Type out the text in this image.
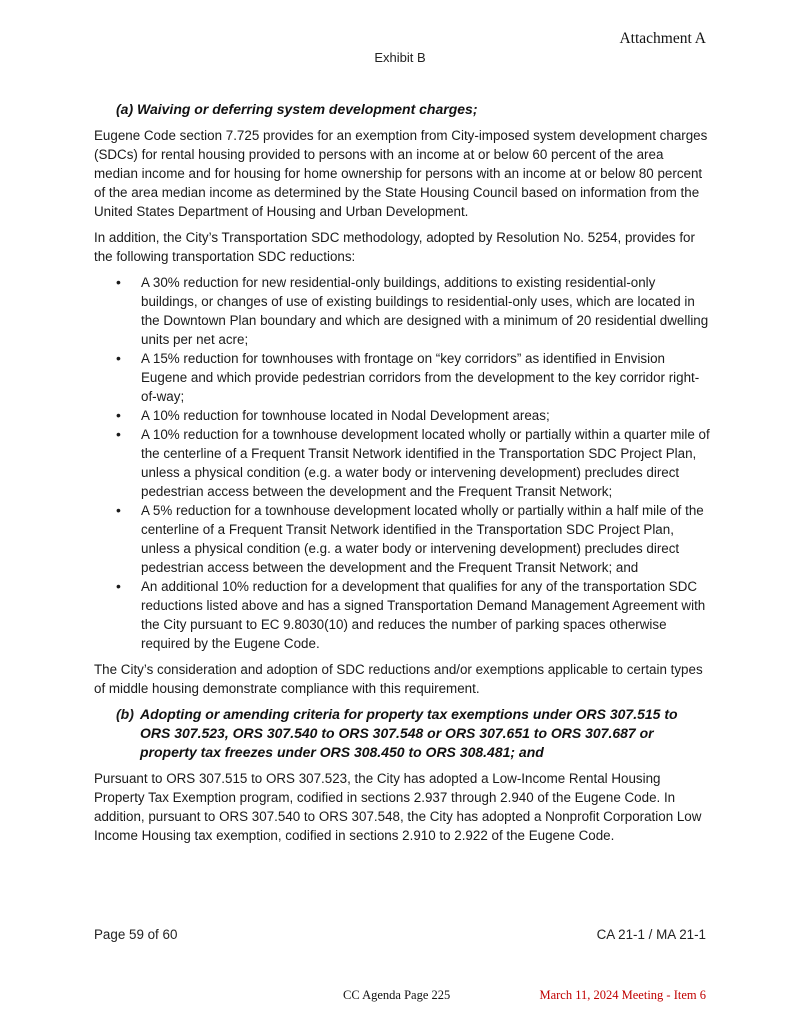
Attachment A
Exhibit B
(a) Waiving or deferring system development charges;

Eugene Code section 7.725 provides for an exemption from City-imposed system development charges (SDCs) for rental housing provided to persons with an income at or below 60 percent of the area median income and for housing for home ownership for persons with an income at or below 80 percent of the area median income as determined by the State Housing Council based on information from the United States Department of Housing and Urban Development.

In addition, the City’s Transportation SDC methodology, adopted by Resolution No. 5254, provides for the following transportation SDC reductions:

• A 30% reduction for new residential-only buildings, additions to existing residential-only buildings, or changes of use of existing buildings to residential-only uses, which are located in the Downtown Plan boundary and which are designed with a minimum of 20 residential dwelling units per net acre;
• A 15% reduction for townhouses with frontage on “key corridors” as identified in Envision Eugene and which provide pedestrian corridors from the development to the key corridor right-of-way;
• A 10% reduction for townhouse located in Nodal Development areas;
• A 10% reduction for a townhouse development located wholly or partially within a quarter mile of the centerline of a Frequent Transit Network identified in the Transportation SDC Project Plan, unless a physical condition (e.g. a water body or intervening development) precludes direct pedestrian access between the development and the Frequent Transit Network;
• A 5% reduction for a townhouse development located wholly or partially within a half mile of the centerline of a Frequent Transit Network identified in the Transportation SDC Project Plan, unless a physical condition (e.g. a water body or intervening development) precludes direct pedestrian access between the development and the Frequent Transit Network; and
• An additional 10% reduction for a development that qualifies for any of the transportation SDC reductions listed above and has a signed Transportation Demand Management Agreement with the City pursuant to EC 9.8030(10) and reduces the number of parking spaces otherwise required by the Eugene Code.

The City’s consideration and adoption of SDC reductions and/or exemptions applicable to certain types of middle housing demonstrate compliance with this requirement.

(b) Adopting or amending criteria for property tax exemptions under ORS 307.515 to ORS 307.523, ORS 307.540 to ORS 307.548 or ORS 307.651 to ORS 307.687 or property tax freezes under ORS 308.450 to ORS 308.481; and

Pursuant to ORS 307.515 to ORS 307.523, the City has adopted a Low-Income Rental Housing Property Tax Exemption program, codified in sections 2.937 through 2.940 of the Eugene Code. In addition, pursuant to ORS 307.540 to ORS 307.548, the City has adopted a Nonprofit Corporation Low Income Housing tax exemption, codified in sections 2.910 to 2.922 of the Eugene Code.

Page 59 of 60	CA 21-1 / MA 21-1
CC Agenda Page 225	March 11, 2024 Meeting - Item 6
